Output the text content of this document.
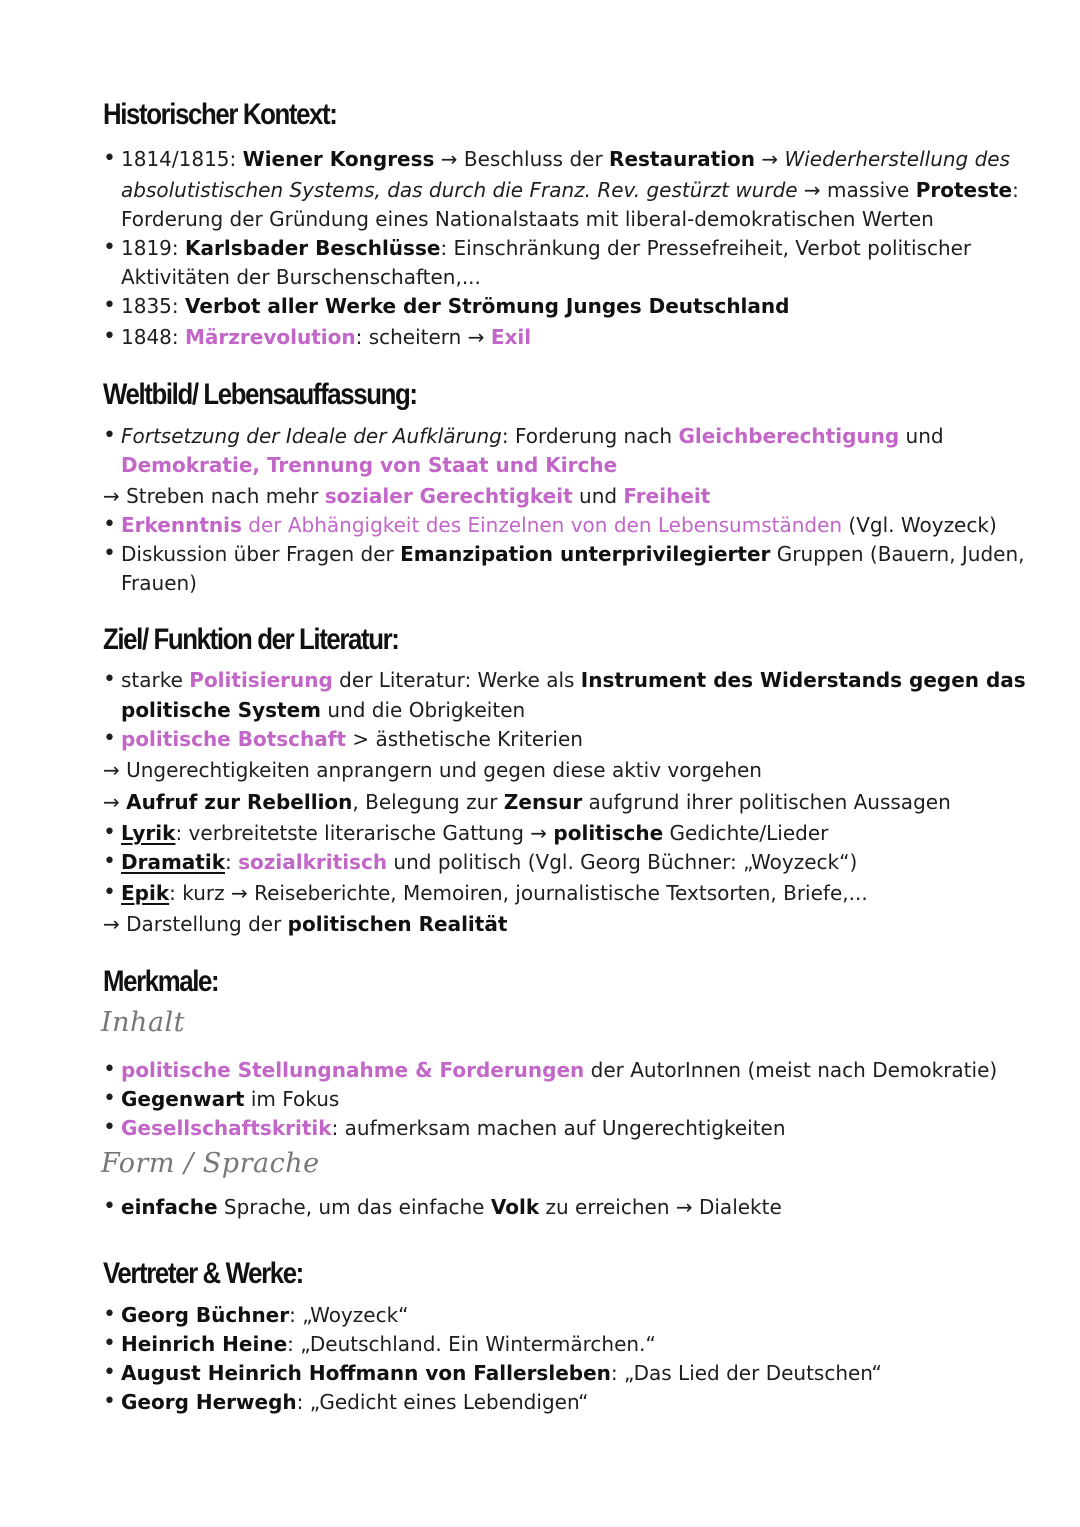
Historischer Kontext:
• 1814/1815: Wiener Kongress → Beschluss der Restauration → Wiederherstellung des
absolutistischen Systems, das durch die Franz. Rev. gestürzt wurde → massive Proteste:
Forderung der Gründung eines Nationalstaats mit liberal-demokratischen Werten
• 1819: Karlsbader Beschlüsse: Einschränkung der Pressefreiheit, Verbot politischer
Aktivitäten der Burschenschaften,...
• 1835: Verbot aller Werke der Strömung Junges Deutschland
• 1848: Märzrevolution: scheitern → Exil
Weltbild/ Lebensauffassung:
• Fortsetzung der Ideale der Aufklärung: Forderung nach Gleichberechtigung und
Demokratie, Trennung von Staat und Kirche
→ Streben nach mehr sozialer Gerechtigkeit und Freiheit
• Erkenntnis der Abhängigkeit des Einzelnen von den Lebensumständen (Vgl. Woyzeck)
• Diskussion über Fragen der Emanzipation unterprivilegierter Gruppen (Bauern, Juden,
Frauen)
Ziel/ Funktion der Literatur:
• starke Politisierung der Literatur: Werke als Instrument des Widerstands gegen das
politische System und die Obrigkeiten
• politische Botschaft > ästhetische Kriterien
→ Ungerechtigkeiten anprangern und gegen diese aktiv vorgehen
→ Aufruf zur Rebellion, Belegung zur Zensur aufgrund ihrer politischen Aussagen
• Lyrik: verbreitetste literarische Gattung → politische Gedichte/Lieder
• Dramatik: sozialkritisch und politisch (Vgl. Georg Büchner: „Woyzeck“)
• Epik: kurz → Reiseberichte, Memoiren, journalistische Textsorten, Briefe,...
→ Darstellung der politischen Realität
Merkmale:
Inhalt
• politische Stellungnahme & Forderungen der AutorInnen (meist nach Demokratie)
• Gegenwart im Fokus
• Gesellschaftskritik: aufmerksam machen auf Ungerechtigkeiten
Form / Sprache
• einfache Sprache, um das einfache Volk zu erreichen → Dialekte
Vertreter & Werke:
• Georg Büchner: „Woyzeck“
• Heinrich Heine: „Deutschland. Ein Wintermärchen.“
• August Heinrich Hoffmann von Fallersleben: „Das Lied der Deutschen“
• Georg Herwegh: „Gedicht eines Lebendigen“
